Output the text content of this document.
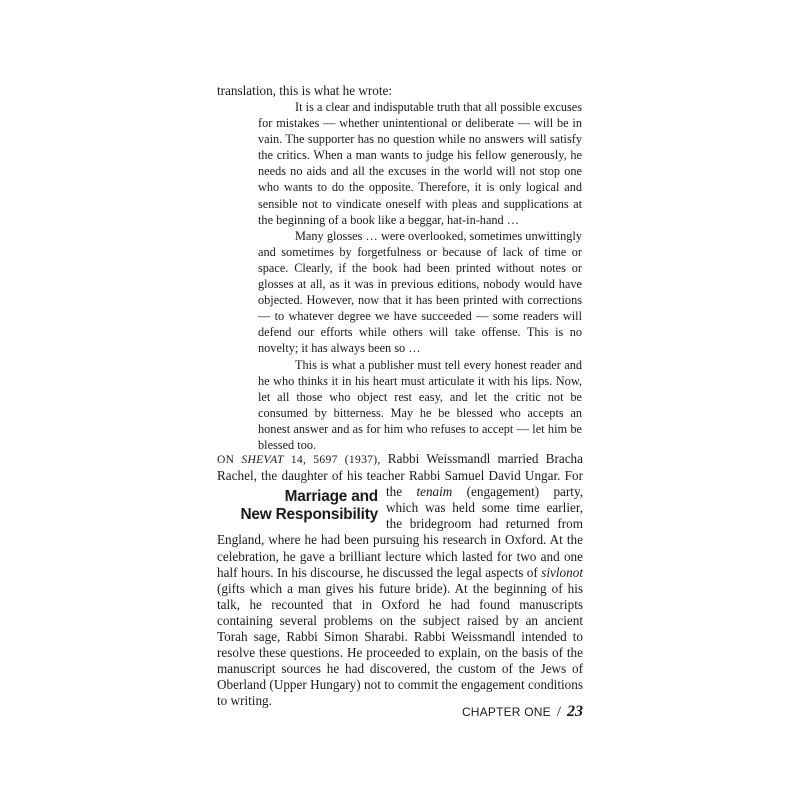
translation, this is what he wrote:

It is a clear and indisputable truth that all possible excuses for mistakes — whether unintentional or deliberate — will be in vain. The supporter has no question while no answers will satisfy the critics. When a man wants to judge his fellow generously, he needs no aids and all the excuses in the world will not stop one who wants to do the opposite. Therefore, it is only logical and sensible not to vindicate oneself with pleas and supplications at the beginning of a book like a beggar, hat-in-hand …

Many glosses … were overlooked, sometimes unwittingly and sometimes by forgetfulness or because of lack of time or space. Clearly, if the book had been printed without notes or glosses at all, as it was in previous editions, nobody would have objected. However, now that it has been printed with corrections — to whatever degree we have succeeded — some readers will defend our efforts while others will take offense. This is no novelty; it has always been so …

This is what a publisher must tell every honest reader and he who thinks it in his heart must articulate it with his lips. Now, let all those who object rest easy, and let the critic not be consumed by bitterness. May he be blessed who accepts an honest answer and as for him who refuses to accept — let him be blessed too.

ON SHEVAT 14, 5697 (1937), Rabbi Weissmandl married Bracha Rachel, the daughter of his teacher Rabbi Samuel David Ungar. For the
Marriage and
New Responsibility
tenaim (engagement) party, which was held some time earlier, the bridegroom had returned from England, where he had been pursuing his research in Oxford. At the celebration, he gave a brilliant lecture which lasted for two and one half hours. In his discourse, he discussed the legal aspects of sivlonot (gifts which a man gives his future bride). At the beginning of his talk, he recounted that in Oxford he had found manuscripts containing several problems on the subject raised by an ancient Torah sage, Rabbi Simon Sharabi. Rabbi Weissmandl intended to resolve these questions. He proceeded to explain, on the basis of the manuscript sources he had discovered, the custom of the Jews of Oberland (Upper Hungary) not to commit the engagement conditions to writing.

CHAPTER ONE / 23
